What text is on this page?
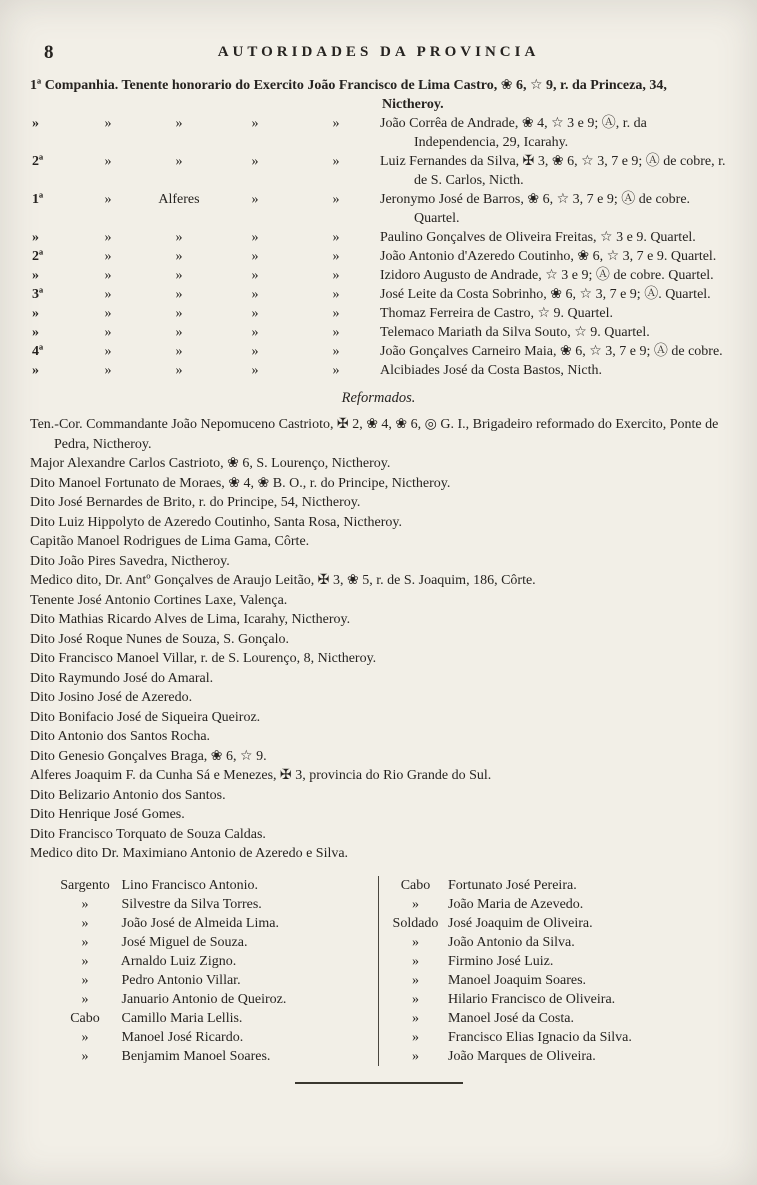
8	AUTORIDADES DA PROVINCIA
1ª Companhia. Tenente honorario do Exercito João Francisco de Lima Castro, ❀ 6, ☆ 9, r. da Princeza, 34, Nictheroy.
»	»	»	»	»	João Corrêa de Andrade, ❀ 4, ☆ 3 e 9; Ⓐ, r. da Independencia, 29, Icarahy.
2ª	»	»	»	»	Luiz Fernandes da Silva, ✠ 3, ❀ 6, ☆ 3, 7 e 9; Ⓐ de cobre, r. de S. Carlos, Nicth.
1ª	»	Alferes	»	»	Jeronymo José de Barros, ❀ 6, ☆ 3, 7 e 9; Ⓐ de cobre. Quartel.
»	»	»	»	»	Paulino Gonçalves de Oliveira Freitas, ☆ 3 e 9. Quartel.
2ª	»	»	»	»	João Antonio d'Azeredo Coutinho, ❀ 6, ☆ 3, 7 e 9. Quartel.
»	»	»	»	»	Izidoro Augusto de Andrade, ☆ 3 e 9; Ⓐ de cobre. Quartel.
3ª	»	»	»	»	José Leite da Costa Sobrinho, ❀ 6, ☆ 3, 7 e 9; Ⓐ. Quartel.
»	»	»	»	»	Thomaz Ferreira de Castro, ☆ 9. Quartel.
»	»	»	»	»	Telemaco Mariath da Silva Souto, ☆ 9. Quartel.
4ª	»	»	»	»	João Gonçalves Carneiro Maia, ❀ 6, ☆ 3, 7 e 9; Ⓐ de cobre.
»	»	»	»	»	Alcibiades José da Costa Bastos, Nicth.
Reformados.
Ten.-Cor. Commandante João Nepomuceno Castrioto, ✠ 2, ❀ 4, ❀ 6, ◎ G. I., Brigadeiro reformado do Exercito, Ponte de Pedra, Nictheroy.
Major Alexandre Carlos Castrioto, ❀ 6, S. Lourenço, Nictheroy.
Dito Manoel Fortunato de Moraes, ❀ 4, ❀ B. O., r. do Principe, Nictheroy.
Dito José Bernardes de Brito, r. do Principe, 54, Nictheroy.
Dito Luiz Hippolyto de Azeredo Coutinho, Santa Rosa, Nictheroy.
Capitão Manoel Rodrigues de Lima Gama, Côrte.
Dito João Pires Savedra, Nictheroy.
Medico dito, Dr. Antº Gonçalves de Araujo Leitão, ✠ 3, ❀ 5, r. de S. Joaquim, 186, Côrte.
Tenente José Antonio Cortines Laxe, Valença.
Dito Mathias Ricardo Alves de Lima, Icarahy, Nictheroy.
Dito José Roque Nunes de Souza, S. Gonçalo.
Dito Francisco Manoel Villar, r. de S. Lourenço, 8, Nictheroy.
Dito Raymundo José do Amaral.
Dito Josino José de Azeredo.
Dito Bonifacio José de Siqueira Queiroz.
Dito Antonio dos Santos Rocha.
Dito Genesio Gonçalves Braga, ❀ 6, ☆ 9.
Alferes Joaquim F. da Cunha Sá e Menezes, ✠ 3, provincia do Rio Grande do Sul.
Dito Belizario Antonio dos Santos.
Dito Henrique José Gomes.
Dito Francisco Torquato de Souza Caldas.
Medico dito Dr. Maximiano Antonio de Azeredo e Silva.
Sargento Lino Francisco Antonio.
» Silvestre da Silva Torres.
» João José de Almeida Lima.
» José Miguel de Souza.
» Arnaldo Luiz Zigno.
» Pedro Antonio Villar.
» Januario Antonio de Queiroz.
Cabo Camillo Maria Lellis.
» Manoel José Ricardo.
» Benjamim Manoel Soares.
Cabo Fortunato José Pereira.
» João Maria de Azevedo.
Soldado José Joaquim de Oliveira.
» João Antonio da Silva.
» Firmino José Luiz.
» Manoel Joaquim Soares.
» Hilario Francisco de Oliveira.
» Manoel José da Costa.
» Francisco Elias Ignacio da Silva.
» João Marques de Oliveira.
